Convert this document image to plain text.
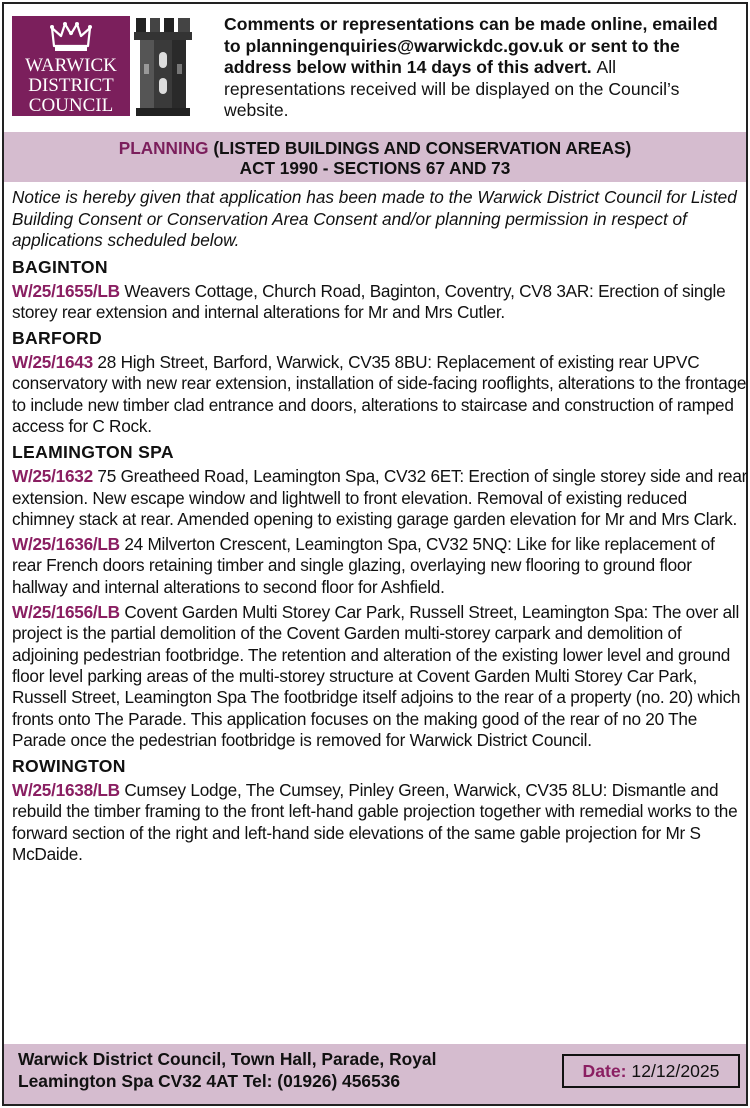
WARWICK
DISTRICT
COUNCIL
Comments or representations can be made online, emailed to planningenquiries@warwickdc.gov.uk or sent to the address below within 14 days of this advert. All representations received will be displayed on the Council’s website.
PLANNING (LISTED BUILDINGS AND CONSERVATION AREAS)
ACT 1990 - SECTIONS 67 AND 73

Notice is hereby given that application has been made to the Warwick District Council for Listed Building Consent or Conservation Area Consent and/or planning permission in respect of applications scheduled below.

BAGINTON

W/25/1655/LB Weavers Cottage, Church Road, Baginton, Coventry, CV8 3AR: Erection of single storey rear extension and internal alterations for Mr and Mrs Cutler.

BARFORD

W/25/1643 28 High Street, Barford, Warwick, CV35 8BU: Replacement of existing rear UPVC conservatory with new rear extension, installation of side-facing rooflights, alterations to the frontage to include new timber clad entrance and doors, alterations to staircase and construction of ramped access for C Rock.

LEAMINGTON SPA

W/25/1632 75 Greatheed Road, Leamington Spa, CV32 6ET: Erection of single storey side and rear extension. New escape window and lightwell to front elevation. Removal of existing reduced chimney stack at rear. Amended opening to existing garage garden elevation for Mr and Mrs Clark.

W/25/1636/LB 24 Milverton Crescent, Leamington Spa, CV32 5NQ: Like for like replacement of rear French doors retaining timber and single glazing, overlaying new flooring to ground floor hallway and internal alterations to second floor for Ashfield.

W/25/1656/LB Covent Garden Multi Storey Car Park, Russell Street, Leamington Spa: The over all project is the partial demolition of the Covent Garden multi-storey carpark and demolition of adjoining pedestrian footbridge. The retention and alteration of the existing lower level and ground floor level parking areas of the multi-storey structure at Covent Garden Multi Storey Car Park, Russell Street, Leamington Spa The footbridge itself adjoins to the rear of a property (no. 20) which fronts onto The Parade. This application focuses on the making good of the rear of no 20 The Parade once the pedestrian footbridge is removed for Warwick District Council.

ROWINGTON

W/25/1638/LB Cumsey Lodge, The Cumsey, Pinley Green, Warwick, CV35 8LU: Dismantle and rebuild the timber framing to the front left-hand gable projection together with remedial works to the forward section of the right and left-hand side elevations of the same gable projection for Mr S McDaide.

Warwick District Council, Town Hall, Parade, Royal
Leamington Spa CV32 4AT Tel: (01926) 456536	Date: 12/12/2025
